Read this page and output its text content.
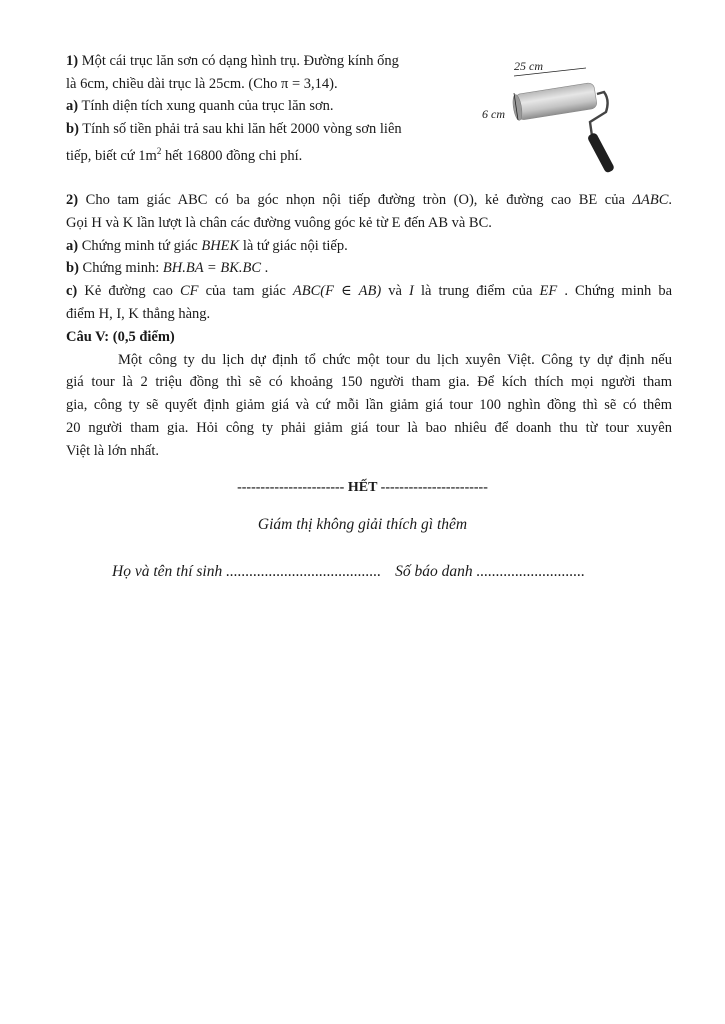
1) Một cái trục lăn sơn có dạng hình trụ. Đường kính ống
là 6cm, chiều dài trục là 25cm. (Cho π = 3,14).
a) Tính diện tích xung quanh của trục lăn sơn.
b) Tính số tiền phải trả sau khi lăn hết 2000 vòng sơn liên
tiếp, biết cứ $1m^2$ hết 16800 đồng chi phí.
25 cm
6 cm
2) Cho tam giác ABC có ba góc nhọn nội tiếp đường tròn (O), kẻ đường cao BE của ΔABC.
Gọi H và K lần lượt là chân các đường vuông góc kẻ từ E đến AB và BC.
a) Chứng minh tứ giác BHEK là tứ giác nội tiếp.
b) Chứng minh: BH.BA = BK.BC .
c) Kẻ đường cao CF của tam giác ABC(F ∈ AB) và I là trung điểm của EF . Chứng minh ba
điểm H, I, K thẳng hàng.
Câu V: (0,5 điểm)
Một công ty du lịch dự định tổ chức một tour du lịch xuyên Việt. Công ty dự định nếu
giá tour là 2 triệu đồng thì sẽ có khoảng 150 người tham gia. Để kích thích mọi người tham
gia, công ty sẽ quyết định giảm giá và cứ mỗi lần giảm giá tour 100 nghìn đồng thì sẽ có thêm
20 người tham gia. Hỏi công ty phải giảm giá tour là bao nhiêu để doanh thu từ tour xuyên
Việt là lớn nhất.
----------------------- HẾT -----------------------
Giám thị không giải thích gì thêm
Họ và tên thí sinh ........................................ Số báo danh ............................
